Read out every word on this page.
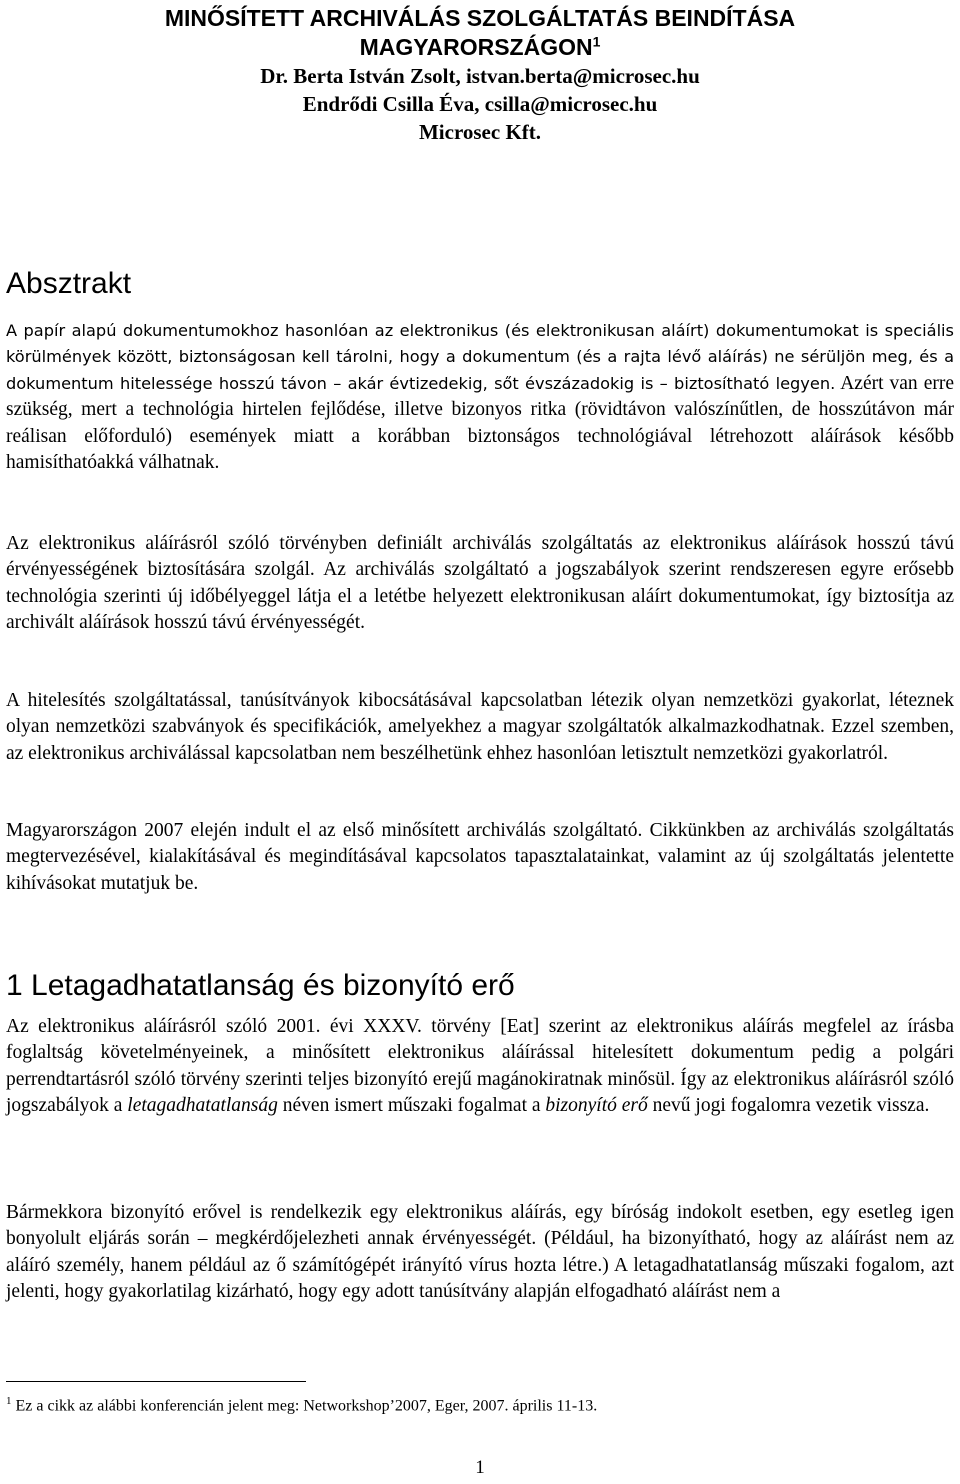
MINŐSÍTETT ARCHIVÁLÁS SZOLGÁLTATÁS BEINDÍTÁSA
MAGYARORSZÁGON$^1$
Dr. Berta István Zsolt, istvan.berta@microsec.hu
Endrődi Csilla Éva, csilla@microsec.hu
Microsec Kft.
Absztrakt

A papír alapú dokumentumokhoz hasonlóan az elektronikus (és elektronikusan aláírt) dokumentumokat is speciális körülmények között, biztonságosan kell tárolni, hogy a dokumentum (és a rajta lévő aláírás) ne sérüljön meg, és a dokumentum hitelessége hosszú távon – akár évtizedekig, sőt évszázadokig is – biztosítható legyen. Azért van erre szükség, mert a technológia hirtelen fejlődése, illetve bizonyos ritka (rövidtávon valószínűtlen, de hosszútávon már reálisan előforduló) események miatt a korábban biztonságos technológiával létrehozott aláírások később hamisíthatóakká válhatnak.

Az elektronikus aláírásról szóló törvényben definiált archiválás szolgáltatás az elektronikus aláírások hosszú távú érvényességének biztosítására szolgál. Az archiválás szolgáltató a jogszabályok szerint rendszeresen egyre erősebb technológia szerinti új időbélyeggel látja el a letétbe helyezett elektronikusan aláírt dokumentumokat, így biztosítja az archivált aláírások hosszú távú érvényességét.

A hitelesítés szolgáltatással, tanúsítványok kibocsátásával kapcsolatban létezik olyan nemzetközi gyakorlat, léteznek olyan nemzetközi szabványok és specifikációk, amelyekhez a magyar szolgáltatók alkalmazkodhatnak. Ezzel szemben, az elektronikus archiválással kapcsolatban nem beszélhetünk ehhez hasonlóan letisztult nemzetközi gyakorlatról.

Magyarországon 2007 elején indult el az első minősített archiválás szolgáltató. Cikkünkben az archiválás szolgáltatás megtervezésével, kialakításával és megindításával kapcsolatos tapasztalatainkat, valamint az új szolgáltatás jelentette kihívásokat mutatjuk be.

1 Letagadhatatlanság és bizonyító erő

Az elektronikus aláírásról szóló 2001. évi XXXV. törvény [Eat] szerint az elektronikus aláírás megfelel az írásba foglaltság követelményeinek, a minősített elektronikus aláírással hitelesített dokumentum pedig a polgári perrendtartásról szóló törvény szerinti teljes bizonyító erejű magánokiratnak minősül. Így az elektronikus aláírásról szóló jogszabályok a letagadhatatlanság néven ismert műszaki fogalmat a bizonyító erő nevű jogi fogalomra vezetik vissza.

Bármekkora bizonyító erővel is rendelkezik egy elektronikus aláírás, egy bíróság indokolt esetben, egy esetleg igen bonyolult eljárás során – megkérdőjelezheti annak érvényességét. (Például, ha bizonyítható, hogy az aláírást nem az aláíró személy, hanem például az ő számítógépét irányító vírus hozta létre.) A letagadhatatlanság műszaki fogalom, azt jelenti, hogy gyakorlatilag kizárható, hogy egy adott tanúsítvány alapján elfogadható aláírást nem a

$^1$ Ez a cikk az alábbi konferencián jelent meg: Networkshop’2007, Eger, 2007. április 11-13.

1
